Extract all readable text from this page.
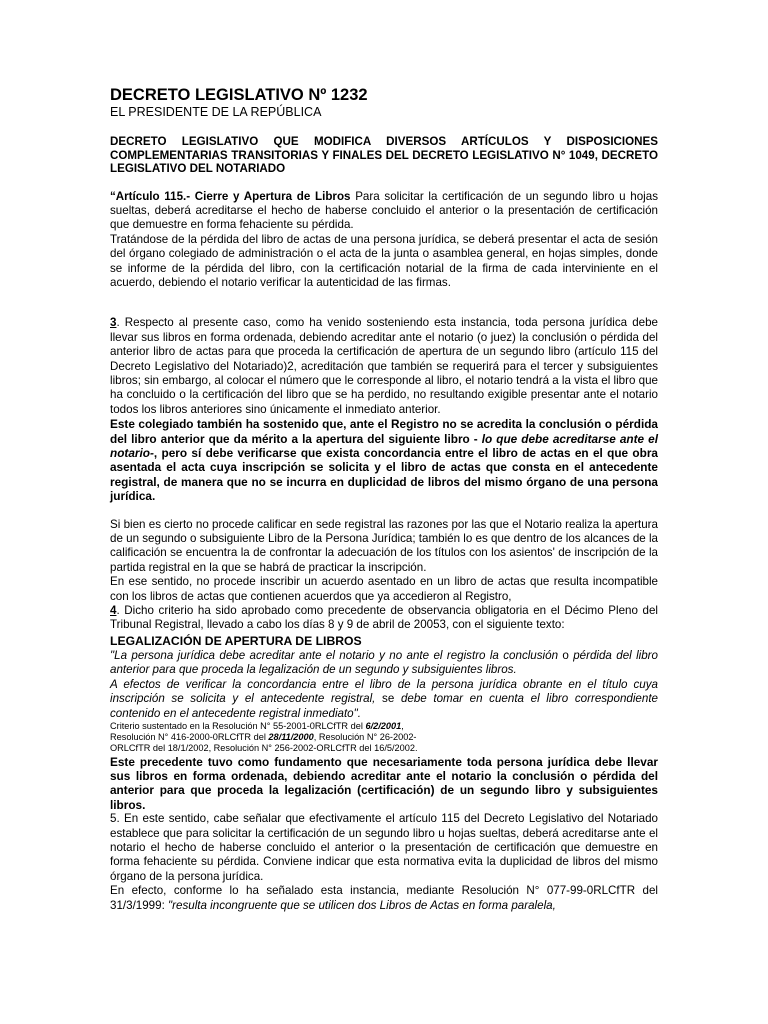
DECRETO LEGISLATIVO Nº 1232
EL PRESIDENTE DE LA REPÚBLICA
DECRETO LEGISLATIVO QUE MODIFICA DIVERSOS ARTÍCULOS Y DISPOSICIONES COMPLEMENTARIAS TRANSITORIAS Y FINALES DEL DECRETO LEGISLATIVO N° 1049, DECRETO LEGISLATIVO DEL NOTARIADO

“Artículo 115.- Cierre y Apertura de Libros Para solicitar la certificación de un segundo libro u hojas sueltas, deberá acreditarse el hecho de haberse concluido el anterior o la presentación de certificación que demuestre en forma fehaciente su pérdida.

Tratándose de la pérdida del libro de actas de una persona jurídica, se deberá presentar el acta de sesión del órgano colegiado de administración o el acta de la junta o asamblea general, en hojas simples, donde se informe de la pérdida del libro, con la certificación notarial de la firma de cada interviniente en el acuerdo, debiendo el notario verificar la autenticidad de las firmas.

3. Respecto al presente caso, como ha venido sosteniendo esta instancia, toda persona jurídica debe llevar sus libros en forma ordenada, debiendo acreditar ante el notario (o juez) la conclusión o pérdida del anterior libro de actas para que proceda la certificación de apertura de un segundo libro (artículo 115 del Decreto Legislativo del Notariado)2, acreditación que también se requerirá para el tercer y subsiguientes libros; sin embargo, al colocar el número que le corresponde al libro, el notario tendrá a la vista el libro que ha concluido o la certificación del libro que se ha perdido, no resultando exigible presentar ante el notario todos los libros anteriores sino únicamente el inmediato anterior.

Este colegiado también ha sostenido que, ante el Registro no se acredita la conclusión o pérdida del libro anterior que da mérito a la apertura del siguiente libro - lo que debe acreditarse ante el notario-, pero sí debe verificarse que exista concordancia entre el libro de actas en el que obra asentada el acta cuya inscripción se solicita y el libro de actas que consta en el antecedente registral, de manera que no se incurra en duplicidad de libros del mismo órgano de una persona jurídica.

Si bien es cierto no procede calificar en sede registral las razones por las que el Notario realiza la apertura de un segundo o subsiguiente Libro de la Persona Jurídica; también lo es que dentro de los alcances de la calificación se encuentra la de confrontar la adecuación de los títulos con los asientos' de inscripción de la partida registral en la que se habrá de practicar la inscripción.

En ese sentido, no procede inscribir un acuerdo asentado en un libro de actas que resulta incompatible con los libros de actas que contienen acuerdos que ya accedieron al Registro,

4. Dicho criterio ha sido aprobado como precedente de observancia obligatoria en el Décimo Pleno del Tribunal Registral, llevado a cabo los días 8 y 9 de abril de 20053, con el siguiente texto:

LEGALIZACIÓN DE APERTURA DE LIBROS

"La persona jurídica debe acreditar ante el notario y no ante el registro la conclusión o pérdida del libro anterior para que proceda la legalización de un segundo y subsiguientes libros.

A efectos de verificar la concordancia entre el libro de la persona jurídica obrante en el título cuya inscripción se solicita y el antecedente registral, se debe tomar en cuenta el libro correspondiente contenido en el antecedente registral inmediato".

Criterio sustentado en la Resolución N° 55-2001-0RLCfTR del 6/2/2001,

Resolución N° 416-2000-0RLCfTR del 28/11/2000, Resolución N° 26-2002-

ORLCfTR del 18/1/2002, Resolución N° 256-2002-ORLCfTR del 16/5/2002.

Este precedente tuvo como fundamento que necesariamente toda persona jurídica debe llevar sus libros en forma ordenada, debiendo acreditar ante el notario la conclusión o pérdida del anterior para que proceda la legalización (certificación) de un segundo libro y subsiguientes libros.

5. En este sentido, cabe señalar que efectivamente el artículo 115 del Decreto Legislativo del Notariado establece que para solicitar la certificación de un segundo libro u hojas sueltas, deberá acreditarse ante el notario el hecho de haberse concluido el anterior o la presentación de certificación que demuestre en forma fehaciente su pérdida. Conviene indicar que esta normativa evita la duplicidad de libros del mismo órgano de la persona jurídica.

En efecto, conforme lo ha señalado esta instancia, mediante Resolución N° 077-99-0RLCfTR del 31/3/1999: "resulta incongruente que se utilicen dos Libros de Actas en forma paralela,
